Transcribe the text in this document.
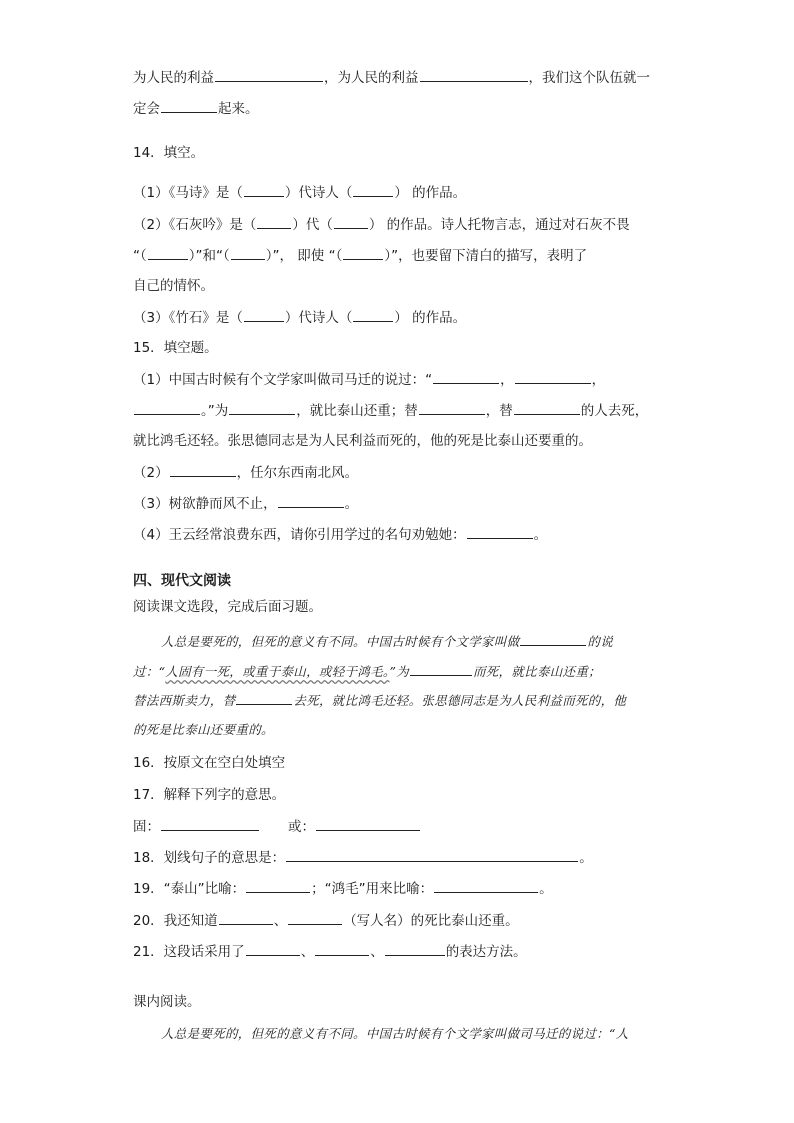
为人民的利益	，为人民的利益	，我们这个队伍就一
定会	起来。
14．填空。
（1）《马诗》是（	）代诗人（	） 的作品。
（2）《石灰吟》是（	）代（	） 的作品。诗人托物言志，通过对石灰不畏
“（	）”和“（	）”， 即使 “（	）”，也要留下清白的描写，表明了
自己的情怀。
（3）《竹石》是（	）代诗人（	） 的作品。
15．填空题。
（1）中国古时候有个文学家叫做司马迁的说过：“	，	，
。”为	，就比泰山还重；替	，替	的人去死，
就比鸿毛还轻。张思德同志是为人民利益而死的，他的死是比泰山还要重的。
（2）	，任尔东西南北风。
（3）树欲静而风不止，	。
（4）王云经常浪费东西，请你引用学过的名句劝勉她：	。
四、现代文阅读
阅读课文选段，完成后面习题。
人总是要死的，但死的意义有不同。中国古时候有个文学家叫做	的说
过：“人固有一死，或重于泰山，或轻于鸿毛。”为	而死，就比泰山还重；
替法西斯卖力，替	去死，就比鸿毛还轻。张思德同志是为人民利益而死的，他
的死是比泰山还要重的。
16．按原文在空白处填空
17．解释下列字的意思。
固：	或：
18．划线句子的意思是：	。
19．“泰山”比喻：	；“鸿毛”用来比喻：	。
20．我还知道	、	（写人名）的死比泰山还重。
21．这段话采用了	、	、	的表达方法。
课内阅读。
人总是要死的，但死的意义有不同。中国古时候有个文学家叫做司马迁的说过：“人
